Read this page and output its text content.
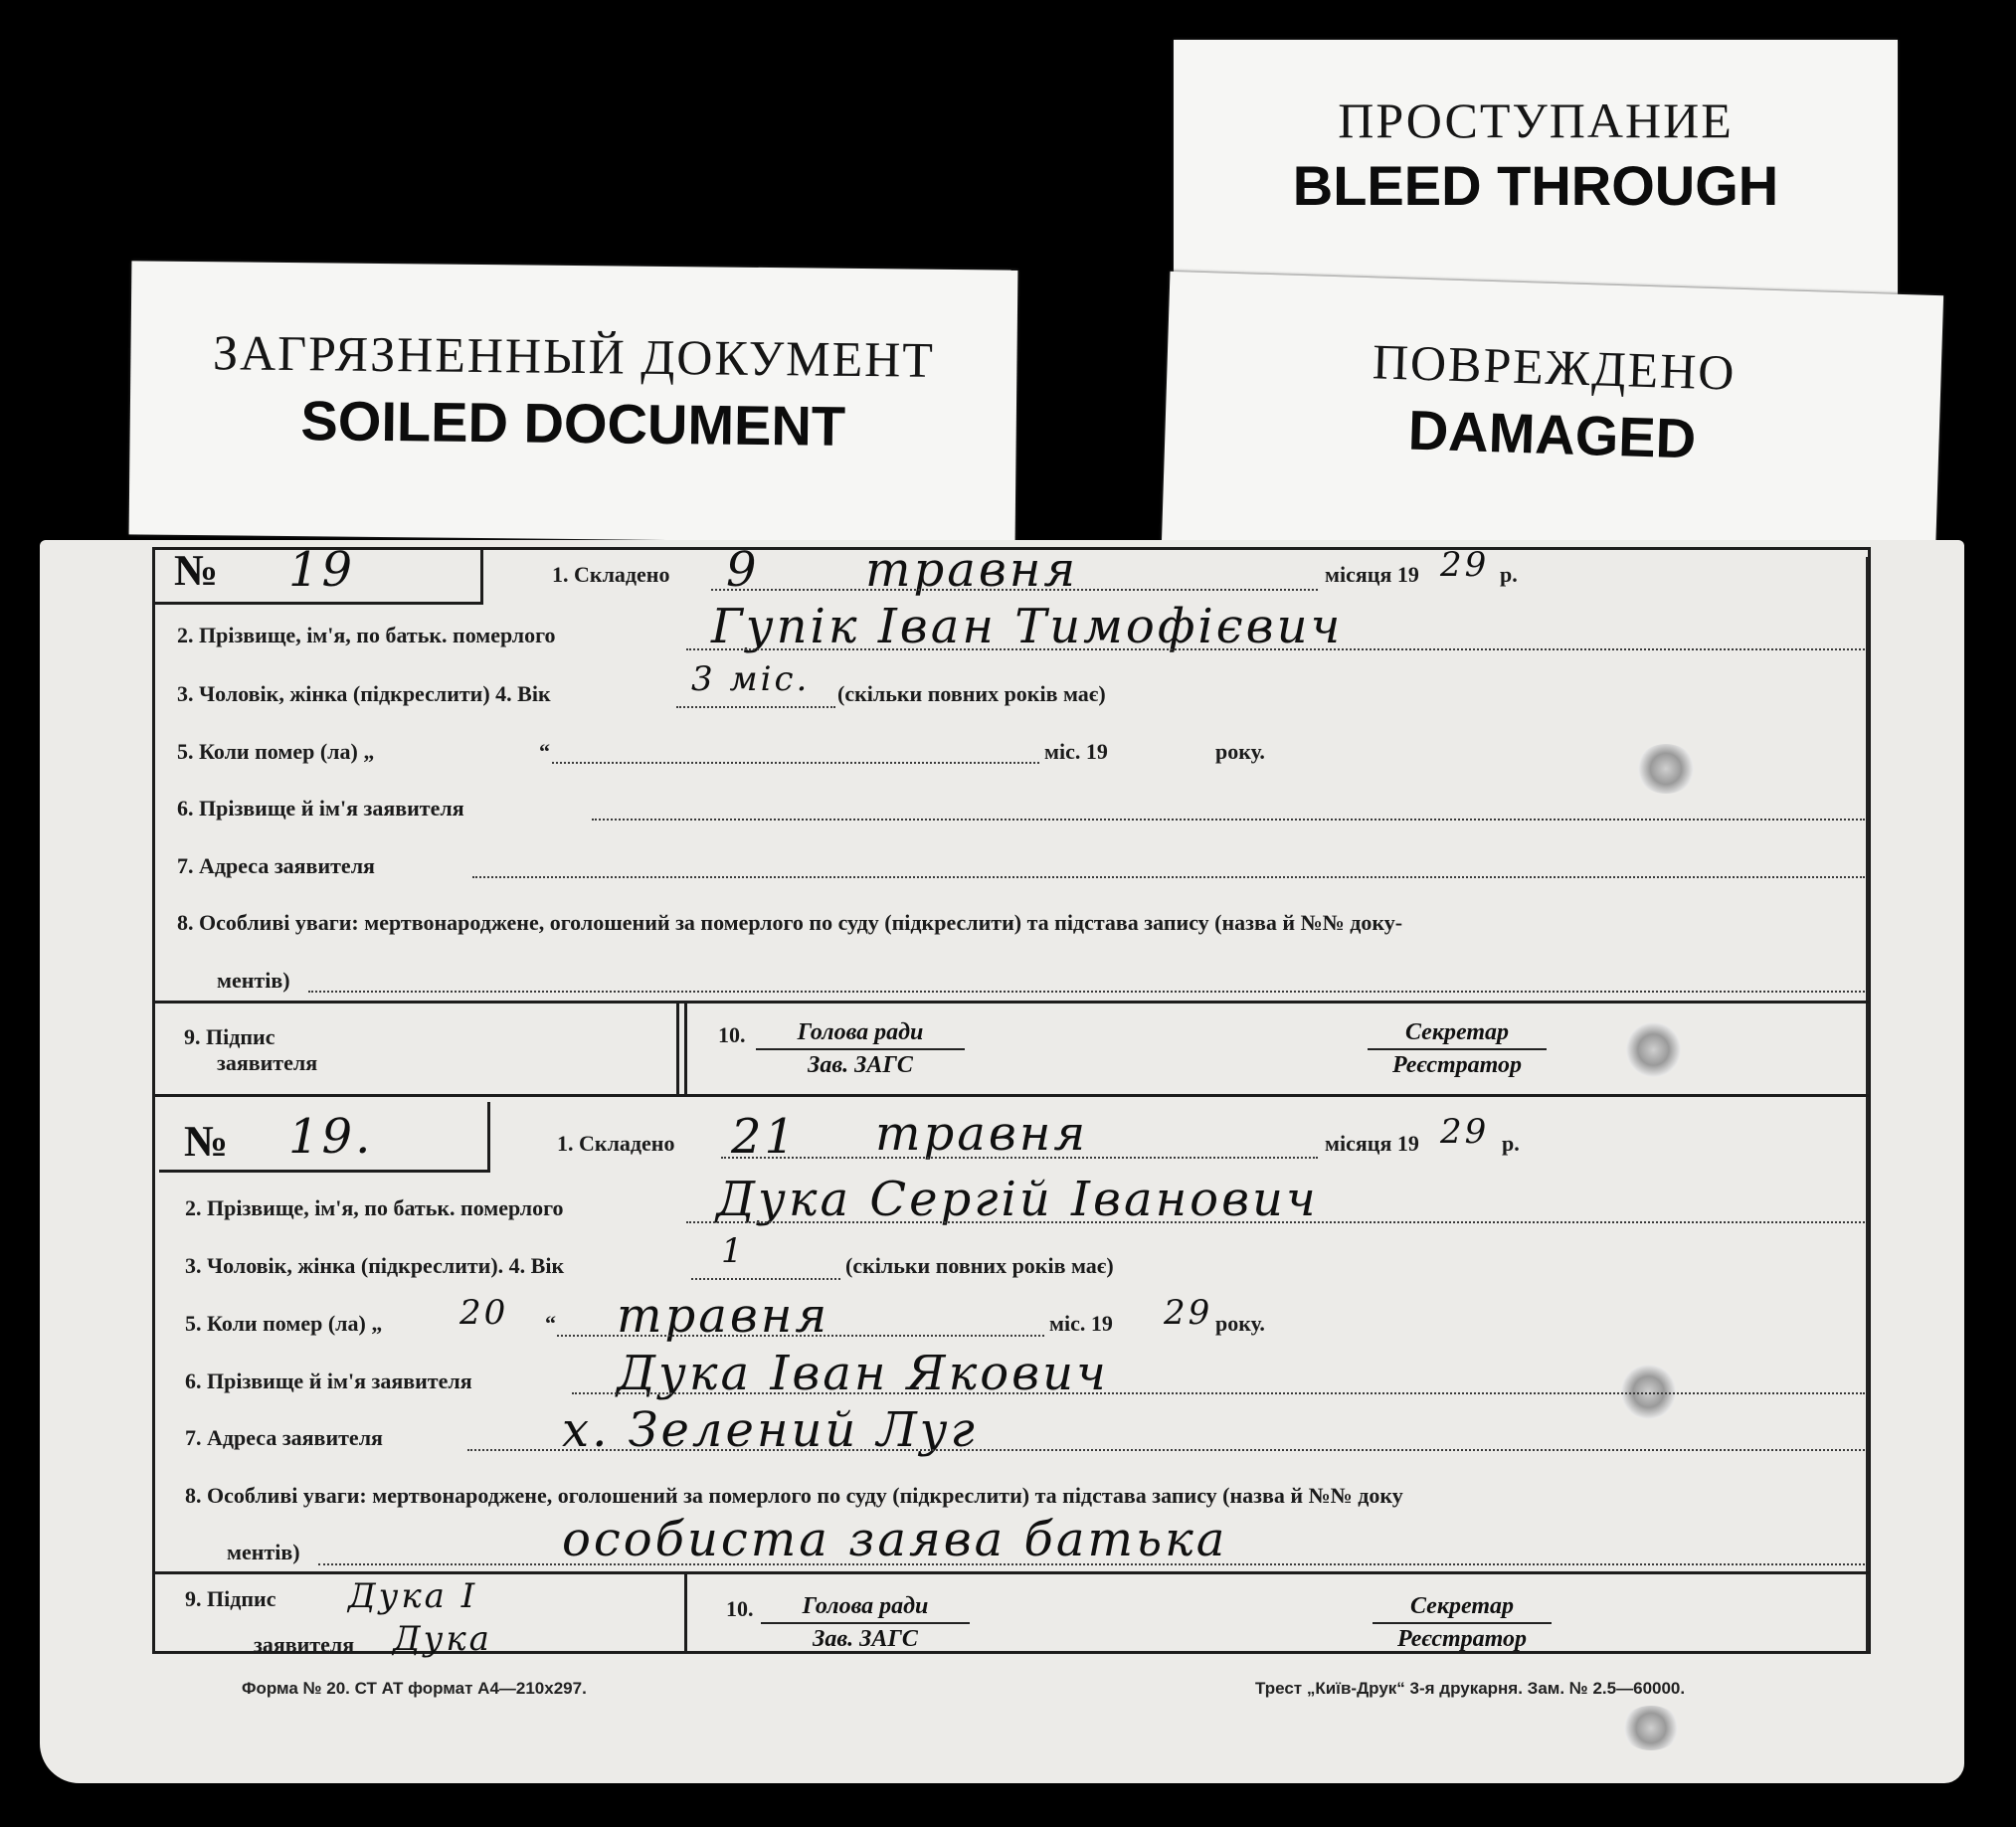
ЗАГРЯЗНЕННЫЙ ДОКУМЕНТ
SOILED DOCUMENT
ПРОСТУПАНИЕ
BLEED THROUGH
ПОВРЕЖДЕНО
DAMAGED
№ 19	1. Складено 9 травня	місяця 19 29 р.
2. Прізвище, ім'я, по батьк. померлого	Гупік Іван Тимофієвич
3. Чоловік, жінка (підкреслити) 4. Вік	3 міс. (скільки повних років має)
5. Коли помер (ла) „	“	міс. 19	року.
6. Прізвище й ім'я заявителя
7. Адреса заявителя
8. Особливі уваги: мертвонароджене, оголошений за померлого по суду (підкреслити) та підстава запису (назва й №№ доку-
ментів)
9. Підпис
заявителя
10.	Голова ради
Зав. ЗАГС
Секретар
Реєстратор
№ 19.	1. Складено 21 травня	місяця 19 29 р.
2. Прізвище, ім'я, по батьк. померлого	Дука Сергій Іванович
3. Чоловік, жінка (підкреслити). 4. Вік	1	(скільки повних років має)
5. Коли помер (ла) „ 20 “ травня	міс. 19 29 року.
6. Прізвище й ім'я заявителя	Дука Іван Якович
7. Адреса заявителя	х. Зелений Луг
8. Особливі уваги: мертвонароджене, оголошений за померлого по суду (підкреслити) та підстава запису (назва й №№ доку
ментів)	особиста заява батька
9. Підпис
заявителя
Дука І
Дука
10.	Голова ради
Зав. ЗАГС
Секретар
Реєстратор
Форма № 20. СТ АТ формат А4—210х297.	Трест „Київ-Друк“ 3-я друкарня. Зам. № 2.5—60000.
